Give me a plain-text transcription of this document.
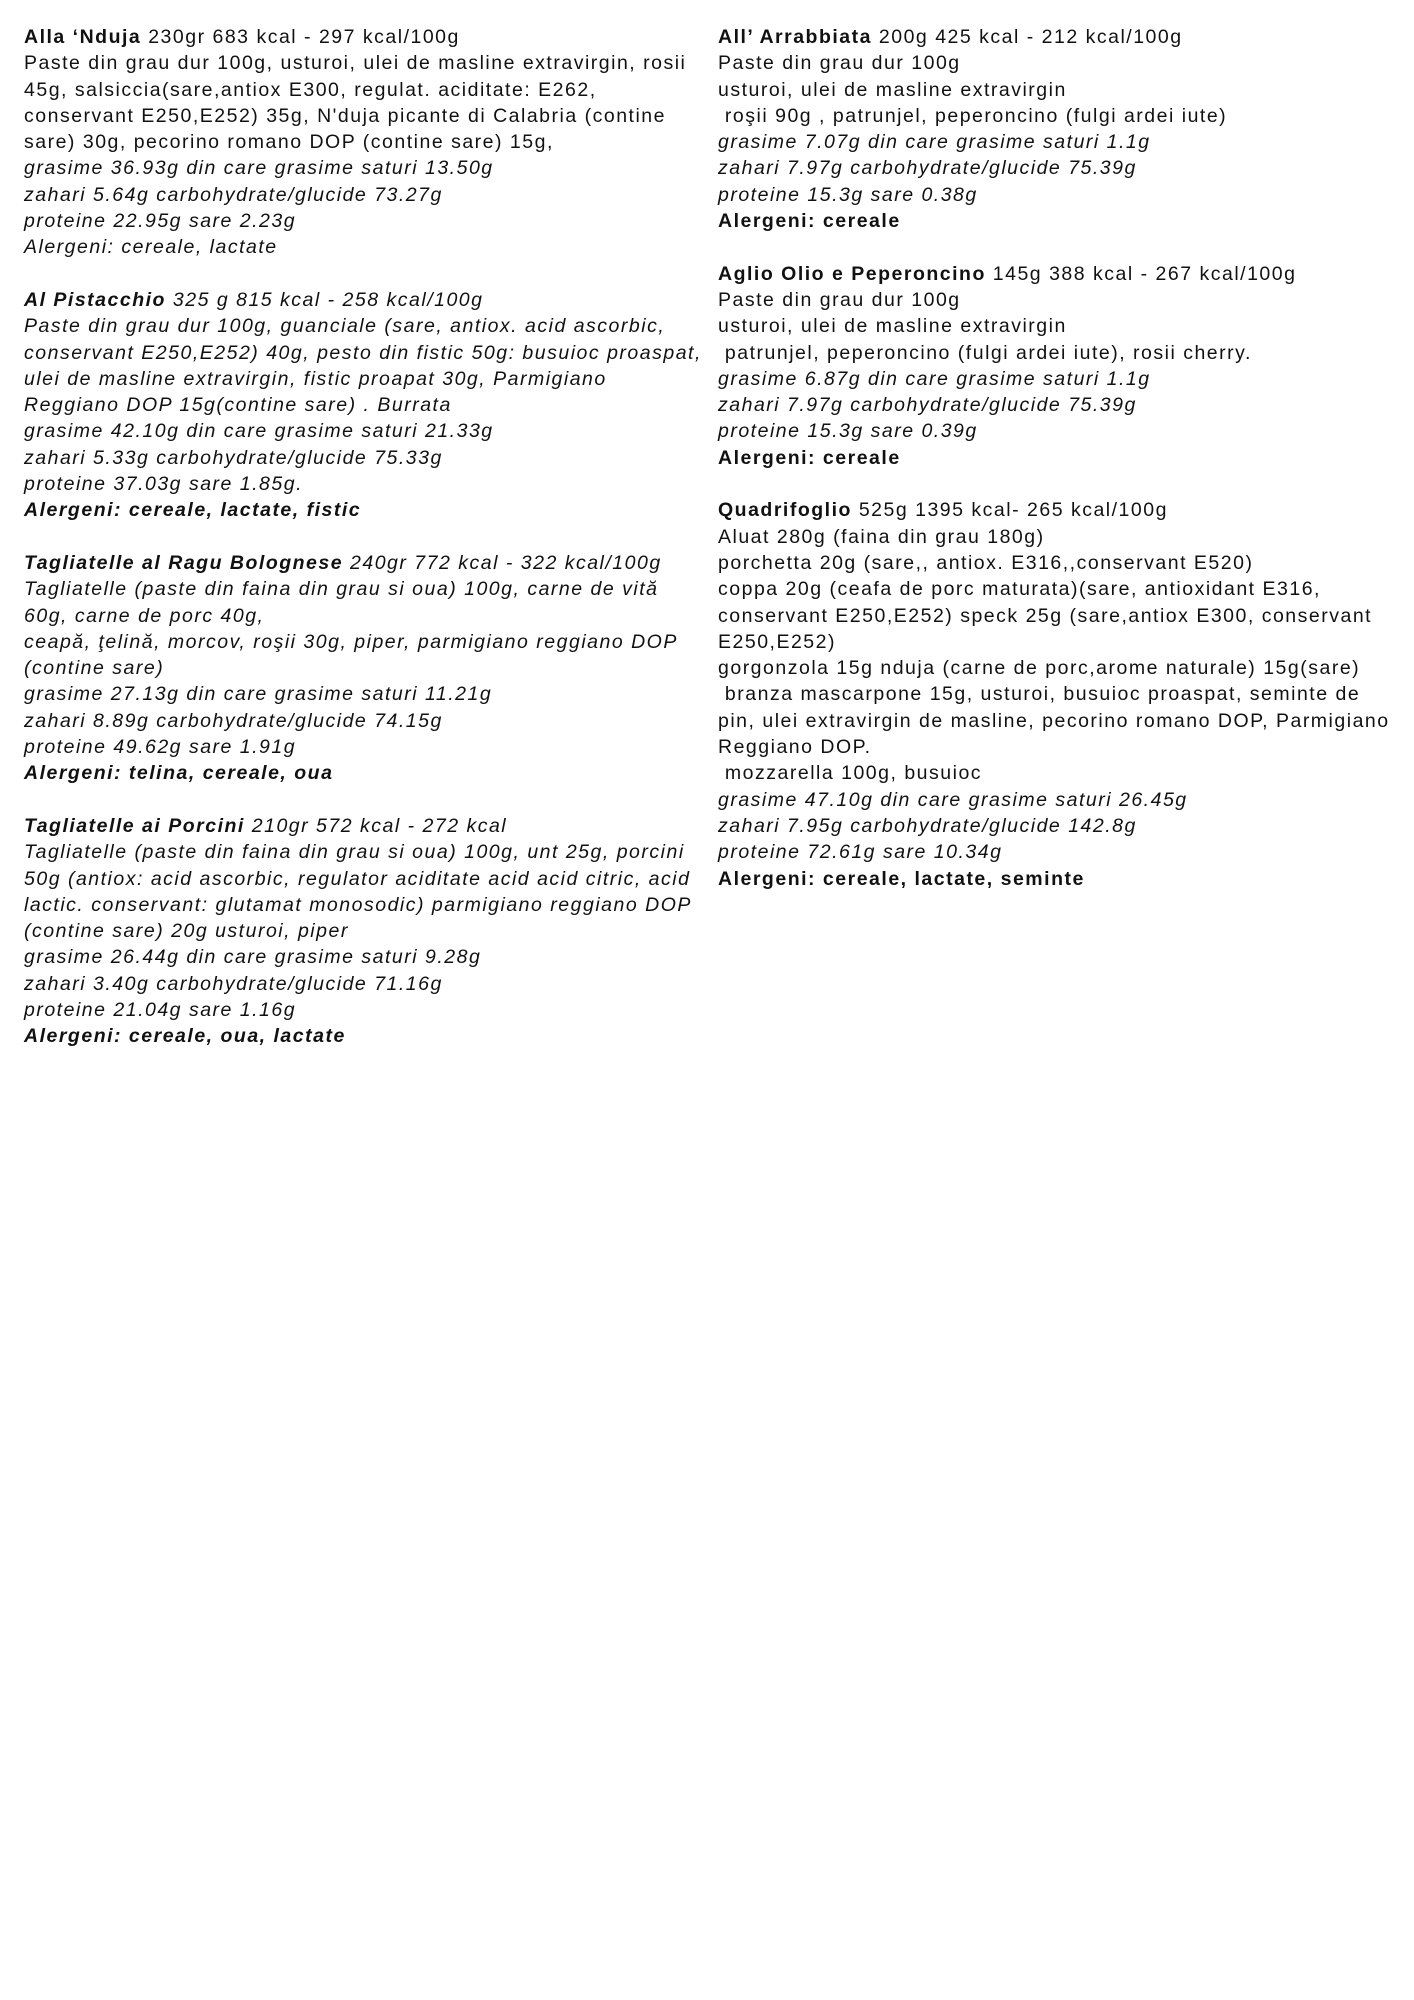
Alla ‘Nduja 230gr 683 kcal - 297 kcal/100g
Paste din grau dur 100g, usturoi, ulei de masline extravirgin, rosii 45g, salsiccia(sare,antiox E300, regulat. aciditate: E262, conservant E250,E252) 35g, N'duja picante di Calabria (contine sare) 30g, pecorino romano DOP (contine sare) 15g,
grasime 36.93g din care grasime saturi 13.50g
zahari 5.64g carbohydrate/glucide 73.27g
proteine 22.95g sare 2.23g
Alergeni: cereale, lactate
Al Pistacchio 325 g 815 kcal - 258 kcal/100g
Paste din grau dur 100g, guanciale (sare, antiox. acid ascorbic, conservant E250,E252) 40g, pesto din fistic 50g: busuioc proaspat, ulei de masline extravirgin, fistic proapat 30g, Parmigiano Reggiano DOP 15g(contine sare) . Burrata
grasime 42.10g din care grasime saturi 21.33g
zahari 5.33g carbohydrate/glucide 75.33g
proteine 37.03g sare 1.85g.
Alergeni: cereale, lactate, fistic
Tagliatelle al Ragu Bolognese 240gr 772 kcal - 322 kcal/100g Tagliatelle (paste din faina din grau si oua) 100g, carne de vită 60g, carne de porc 40g,
ceapă, ţelină, morcov, roşii 30g, piper, parmigiano reggiano DOP (contine sare)
grasime 27.13g din care grasime saturi 11.21g
zahari 8.89g carbohydrate/glucide 74.15g
proteine 49.62g sare 1.91g
Alergeni: telina, cereale, oua
Tagliatelle ai Porcini 210gr 572 kcal - 272 kcal
Tagliatelle (paste din faina din grau si oua) 100g, unt 25g, porcini 50g (antiox: acid ascorbic, regulator aciditate acid acid citric, acid lactic. conservant: glutamat monosodic) parmigiano reggiano DOP (contine sare) 20g usturoi, piper
grasime 26.44g din care grasime saturi 9.28g
zahari 3.40g carbohydrate/glucide 71.16g
proteine 21.04g sare 1.16g
Alergeni: cereale, oua, lactate
All’ Arrabbiata 200g 425 kcal - 212 kcal/100g
Paste din grau dur 100g
usturoi, ulei de masline extravirgin
roşii 90g , patrunjel, peperoncino (fulgi ardei iute)
grasime 7.07g din care grasime saturi 1.1g
zahari 7.97g carbohydrate/glucide 75.39g
proteine 15.3g sare 0.38g
Alergeni: cereale
Aglio Olio e Peperoncino 145g 388 kcal - 267 kcal/100g
Paste din grau dur 100g
usturoi, ulei de masline extravirgin
patrunjel, peperoncino (fulgi ardei iute), rosii cherry.
grasime 6.87g din care grasime saturi 1.1g
zahari 7.97g carbohydrate/glucide 75.39g
proteine 15.3g sare 0.39g
Alergeni: cereale
Quadrifoglio 525g 1395 kcal- 265 kcal/100g
Aluat 280g (faina din grau 180g)
porchetta 20g (sare,, antiox. E316,,conservant E520)
coppa 20g (ceafa de porc maturata)(sare, antioxidant E316, conservant E250,E252) speck 25g (sare,antiox E300, conservant E250,E252)
gorgonzola 15g nduja (carne de porc,arome naturale) 15g(sare)
branza mascarpone 15g, usturoi, busuioc proaspat, seminte de pin, ulei extravirgin de masline, pecorino romano DOP, Parmigiano Reggiano DOP.
mozzarella 100g, busuioc
grasime 47.10g din care grasime saturi 26.45g
zahari 7.95g carbohydrate/glucide 142.8g
proteine 72.61g sare 10.34g
Alergeni: cereale, lactate, seminte
